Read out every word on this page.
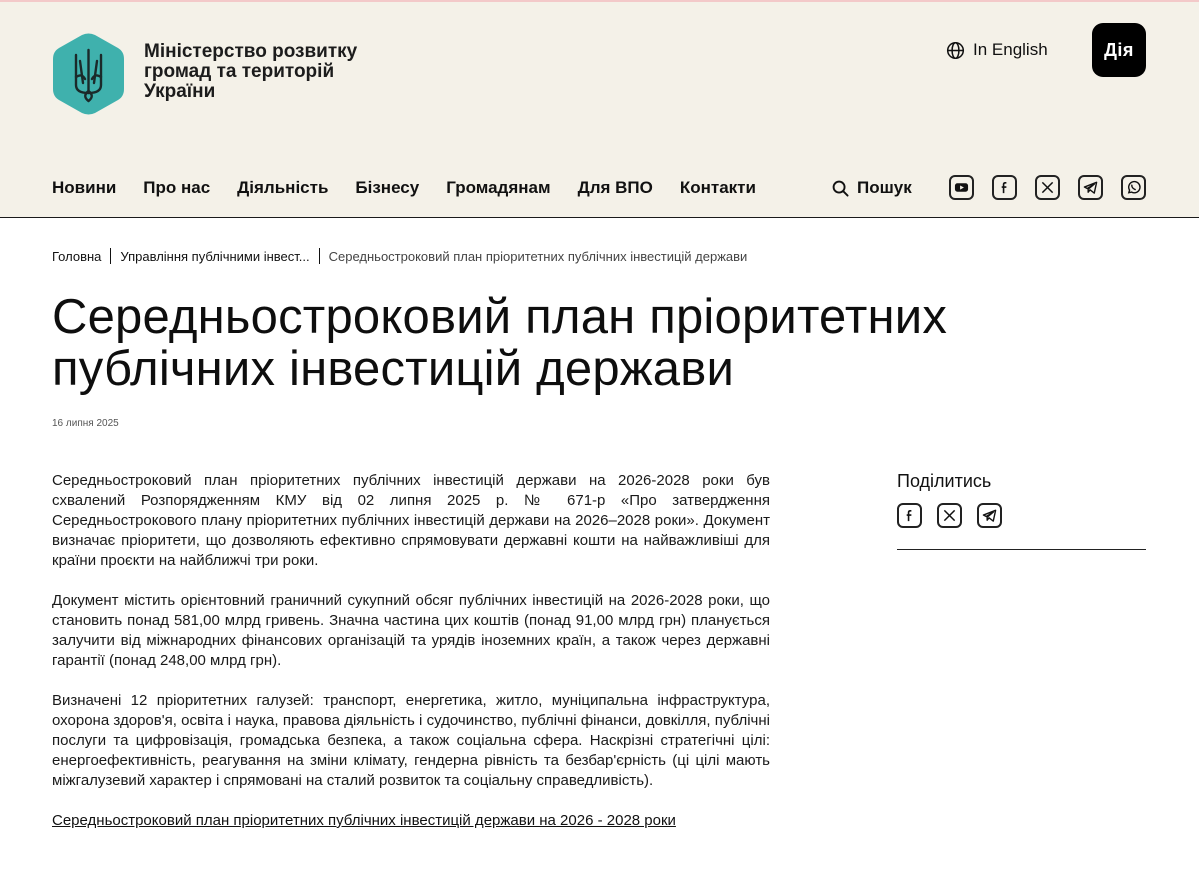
Міністерство розвитку громад та територій України
In English	Дія
Новини Про нас Діяльність Бізнесу Громадянам Для ВПО Контакти	Пошук
Головна Управління публічними інвест... Середньостроковий план пріоритетних публічних інвестицій держави
Середньостроковий план пріоритетних публічних інвестицій держави
16 липня 2025

Середньостроковий план пріоритетних публічних інвестицій держави на 2026-2028 роки був схвалений Розпорядженням КМУ від 02 липня 2025 р. № 671-р «Про затвердження Середньострокового плану пріоритетних публічних інвестицій держави на 2026–2028 роки». Документ визначає пріоритети, що дозволяють ефективно спрямовувати державні кошти на найважливіші для країни проєкти на найближчі три роки.

Документ містить орієнтовний граничний сукупний обсяг публічних інвестицій на 2026-2028 роки, що становить понад 581,00 млрд гривень. Значна частина цих коштів (понад 91,00 млрд грн) планується залучити від міжнародних фінансових організацій та урядів іноземних країн, а також через державні гарантії (понад 248,00 млрд грн).

Визначені 12 пріоритетних галузей: транспорт, енергетика, житло, муніципальна інфраструктура, охорона здоров'я, освіта і наука, правова діяльність і судочинство, публічні фінанси, довкілля, публічні послуги та цифровізація, громадська безпека, а також соціальна сфера. Наскрізні стратегічні цілі: енергоефективність, реагування на зміни клімату, гендерна рівність та безбар'єрність (ці цілі мають міжгалузевий характер і спрямовані на сталий розвиток та соціальну справедливість).

Середньостроковий план пріоритетних публічних інвестицій держави на 2026 - 2028 роки

Поділитись
